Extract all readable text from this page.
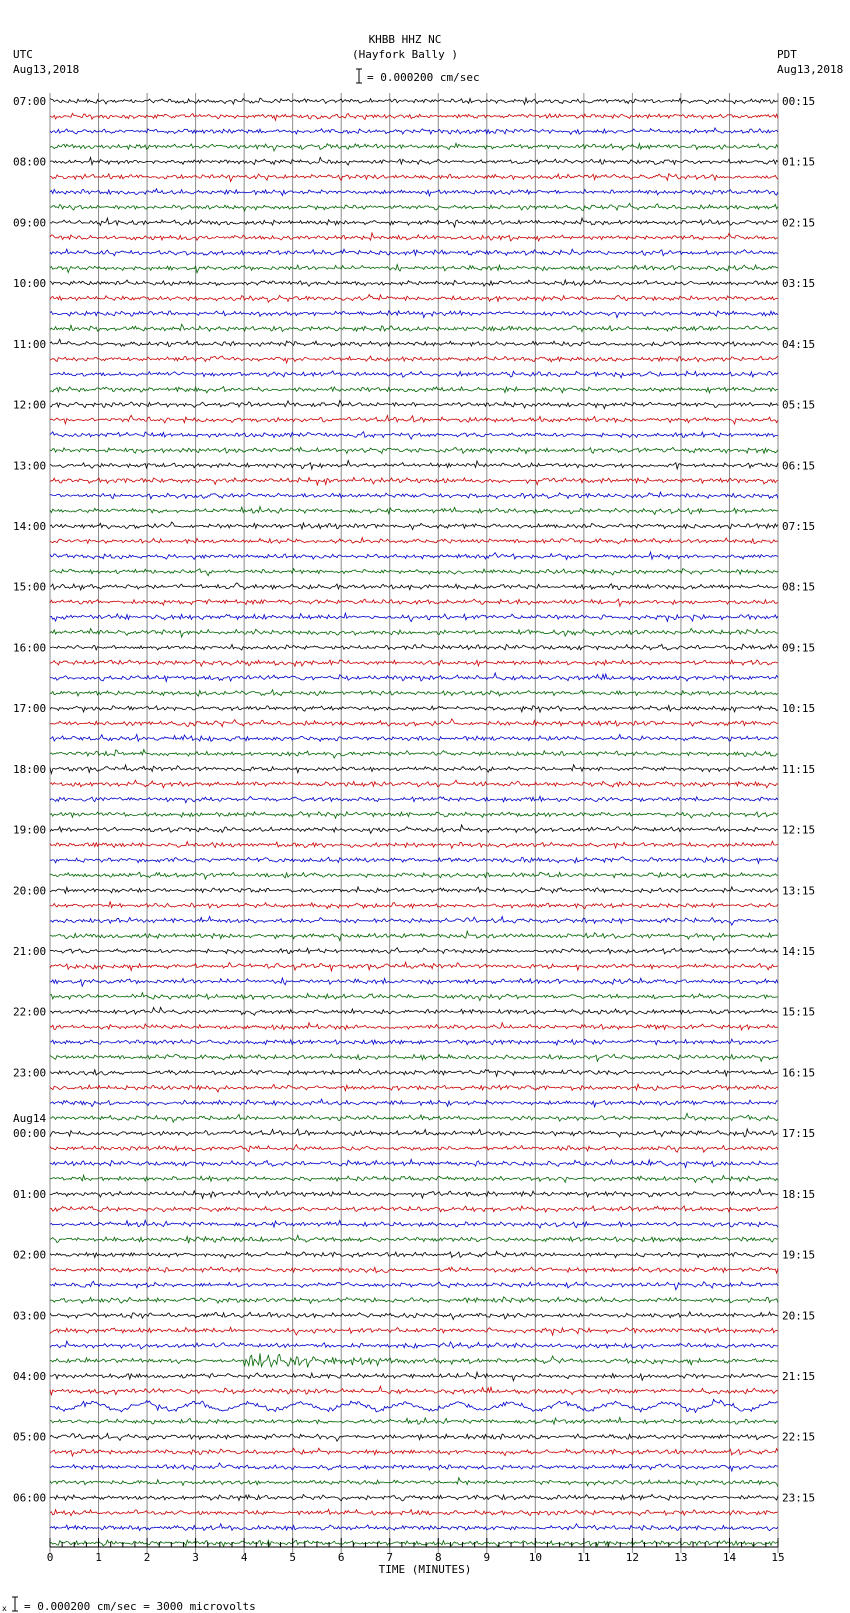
KHBB HHZ NC
(Hayfork Bally )
UTC
Aug13,2018
PDT
Aug13,2018
= 0.000200 cm/sec
07:00
08:00
09:00
10:00
11:00
12:00
13:00
14:00
15:00
16:00
17:00
18:00
19:00
20:00
21:00
22:00
23:00
00:00
Aug14
01:00
02:00
03:00
04:00
05:00
06:00
00:15
01:15
02:15
03:15
04:15
05:15
06:15
07:15
08:15
09:15
10:15
11:15
12:15
13:15
14:15
15:15
16:15
17:15
18:15
19:15
20:15
21:15
22:15
23:15
0	1	2	3	4	5	6	7	8	9	10	11	12	13	14	15
TIME (MINUTES)
x = 0.000200 cm/sec = 3000 microvolts
